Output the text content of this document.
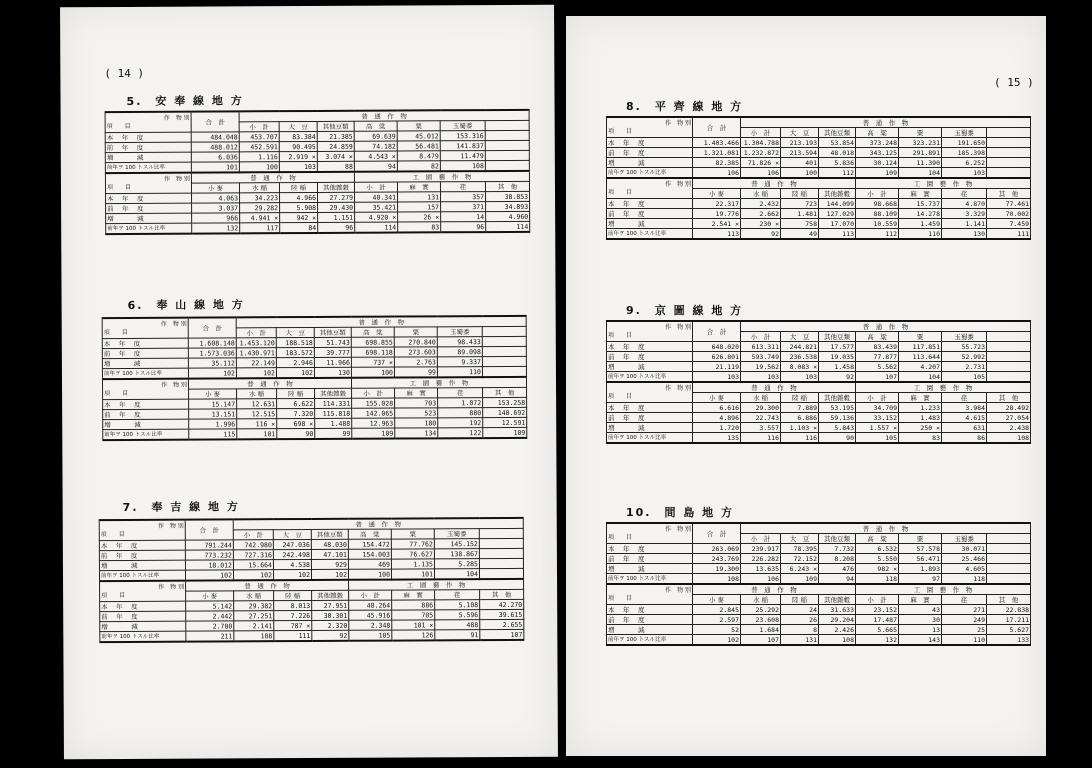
( 14 )
5.　安 奉 線 地 方
作　物 別
項　　目	合　計	普　通　作　物						
		小　計	大　豆	其他豆類	高　粱	粟	玉蜀黍	
本　年　度	484.048	453.707	83.384	21.385	69.639	45.012	153.316	
前　年　度	488.012	452.591	90.495	24.859	74.182	56.481	141.837	
増　　　減	6.036	1.116	2.919 ×	3.074 ×	4.543 ×	8.479	11.479	
前年ヲ 100 トスル比率	101	100	103	88	94	82	108	

作　物 別
項　　目	普　通　作　物				工　園　藝　作　物			
	小 麥	水 稲	陸 稲	其他雜穀	小　計	麻　實	荏	其　他
本　年　度	4.063	34.223	4.966	27.279	40.341	131	357	38.853
前　年　度	3.037	29.282	5.908	29.430	35.421	157	371	34.893
増　　　減	966	4.941 ×	942 ×	1.151	4.920 ×	26 ×	14	4.960
前年ヲ 100 トスル比率	132	117	84	96	114	83	96	114
6.　奉 山 線 地 方
作　物 別
項　　目	合　計	普　通　作　物						
		小　計	大　豆	其他豆類	高　粱	粟	玉蜀黍	
本　年　度	1.608.148	1.453.120	188.518	51.743	698.855	270.840	98.433	
前　年　度	1.573.036	1.430.971	183.572	39.777	698.118	273.603	89.098	
増　　　減	35.112	22.149	2.946	11.966	737 ×	2.763	9.337	
前年ヲ 100 トスル比率	102	102	102	130	100	99	110	

作　物 別
項　　目	普　通　作　物				工　園　藝　作　物			
	小 麥	水 稲	陸 稲	其他雜穀	小　計	麻　實	荏	其　他
本　年　度	15.147	12.631	6.622	114.331	155.028	703	1.072	153.258
前　年　度	13.151	12.515	7.320	115.818	142.065	523	880	140.692
増　　　減	1.996	116 ×	698 ×	1.488	12.963	180	192	12.591
前年ヲ 100 トスル比率	115	101	90	99	109	134	122	109
7.　奉 吉 線 地 方
作　物 別
項　　目	合　計	普　通　作　物						
		小　計	大　豆	其他豆類	高　粱	粟	玉蜀黍	
本　年　度	791.244	742.980	247.036	48.030	154.472	77.762	145.152	
前　年　度	773.232	727.316	242.498	47.101	154.003	76.627	138.867	
増　　　減	18.012	15.664	4.538	929	469	1.135	5.285	
前年ヲ 100 トスル比率	102	102	102	102	100	101	104	

作　物 別
項　　目	普　通　作　物				工　園　藝　作　物			
	小 麥	水 稲	陸 稲	其他雜穀	小　計	麻　實	荏	其　他
本　年　度	5.142	29.382	8.013	27.951	48.264	886	5.108	42.270
前　年　度	2.442	27.251	7.226	30.301	45.916	705	5.596	39.615
増　　　減	2.700	2.141	787 ×	2.320	2.348	181 ×	488	2.655
前年ヲ 100 トスル比率	211	108	111	92	105	126	91	107
( 15 )
8.　平 齊 線 地 方
作　物 別
項　　目	合　計	普　通　作　物						
		小　計	大　豆	其他豆類	高　粱	粟	玉蜀黍	
本　年　度	1.403.466	1.304.788	213.193	53.854	373.248	323.231	191.650	
前　年　度	1.321.081	1.232.872	213.594	48.018	343.125	291.891	185.398	
増　　　減	82.385	71.826 ×	401	5.836	30.124	11.390	6.252	
前年ヲ 100 トスル比率	106	106	100	112	109	104	103	

作　物 別
項　　目	普　通　作　物				工　園　藝　作　物			
	小 麥	水 稲	陸 稲	其他雜穀	小　計	麻　實	荏	其　他
本　年　度	22.317	2.432	723	144.099	98.668	15.737	4.870	77.461
前　年　度	19.776	2.662	1.481	127.029	88.109	14.278	3.329	70.002
増　　　減	2.541 ×	230 ×	758	17.070	10.559	1.459	1.141	7.459
前年ヲ 100 トスル比率	113	92	49	113	112	110	130	111
9.　京 圖 線 地 方
作　物 別
項　　目	合　計	普　通　作　物						
		小　計	大　豆	其他豆類	高　粱	粟	玉蜀黍	
本　年　度	648.020	613.311	244.821	17.577	83.439	117.851	55.723	
前　年　度	626.801	593.749	236.538	19.035	77.877	113.644	52.992	
増　　　減	21.119	19.562	8.083 ×	1.458	5.562	4.207	2.731	
前年ヲ 100 トスル比率	103	103	103	92	107	104	105	

作　物 別
項　　目	普　通　作　物				工　園　藝　作　物			
	小 麥	水 稲	陸 稲	其他雜穀	小　計	麻　實	荏	其　他
本　年　度	6.616	29.300	7.889	53.195	34.709	1.233	3.984	28.492
前　年　度	4.896	22.743	6.886	59.136	33.152	1.483	4.615	27.054
増　　　減	1.720	3.557	1.103 ×	5.843	1.557 ×	250 ×	631	2.438
前年ヲ 100 トスル比率	135	116	116	90	105	83	86	108
10.　間 島 地 方
作　物 別
項　　目	合　計	普　通　作　物						
		小　計	大　豆	其他豆類	高　粱	粟	玉蜀黍	
本　年　度	263.069	239.917	78.395	7.732	6.532	57.578	30.071	
前　年　度	243.769	226.282	72.152	8.208	5.550	56.471	25.466	
増　　　減	19.300	13.635	6.243 ×	476	982 ×	1.893	4.605	
前年ヲ 100 トスル比率	108	106	109	94	118	97	118	

作　物 別
項　　目	普　通　作　物				工　園　藝　作　物			
	小 麥	水 稲	陸 稲	其他雜穀	小　計	麻　實	荏	其　他
本　年　度	2.845	25.292	24	31.633	23.152	43	271	22.838
前　年　度	2.597	23.608	26	29.204	17.487	30	249	17.211
増　　　減	52	1.684	8	2.426	5.665	13	25	5.627
前年ヲ 100 トスル比率	102	107	131	108	132	143	110	133
